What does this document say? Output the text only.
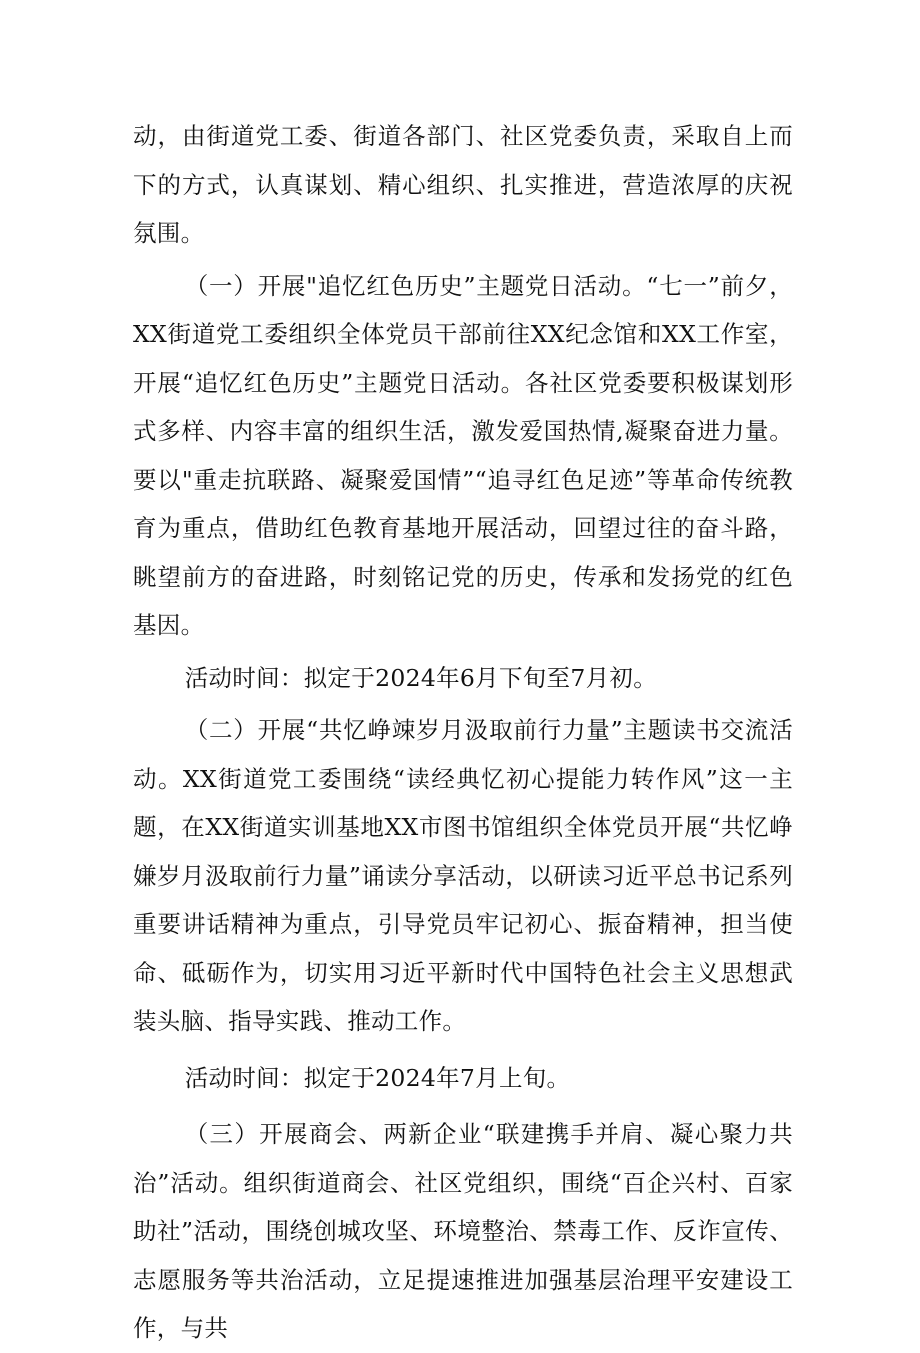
动，由街道党工委、街道各部门、社区党委负责，采取自上而下的方式，认真谋划、精心组织、扎实推进，营造浓厚的庆祝氛围。

（一）开展"追忆红色历史”主题党日活动。“七一”前夕，XX街道党工委组织全体党员干部前往XX纪念馆和XX工作室，开展“追忆红色历史”主题党日活动。各社区党委要积极谋划形式多样、内容丰富的组织生活，激发爱国热情,凝聚奋进力量。要以"重走抗联路、凝聚爱国情”“追寻红色足迹”等革命传统教育为重点，借助红色教育基地开展活动，回望过往的奋斗路，眺望前方的奋进路，时刻铭记党的历史，传承和发扬党的红色基因。

活动时间：拟定于2024年6月下旬至7月初。

（二）开展“共忆峥竦岁月汲取前行力量”主题读书交流活动。XX街道党工委围绕“读经典忆初心提能力转作风”这一主题，在XX街道实训基地XX市图书馆组织全体党员开展“共忆峥嫌岁月汲取前行力量”诵读分享活动，以研读习近平总书记系列重要讲话精神为重点，引导党员牢记初心、振奋精神，担当使命、砥砺作为，切实用习近平新时代中国特色社会主义思想武装头脑、指导实践、推动工作。

活动时间：拟定于2024年7月上旬。

（三）开展商会、两新企业“联建携手并肩、凝心聚力共治”活动。组织街道商会、社区党组织，围绕“百企兴村、百家助社”活动，围绕创城攻坚、环境整治、禁毒工作、反诈宣传、志愿服务等共治活动，立足提速推进加强基层治理平安建设工作，与共
